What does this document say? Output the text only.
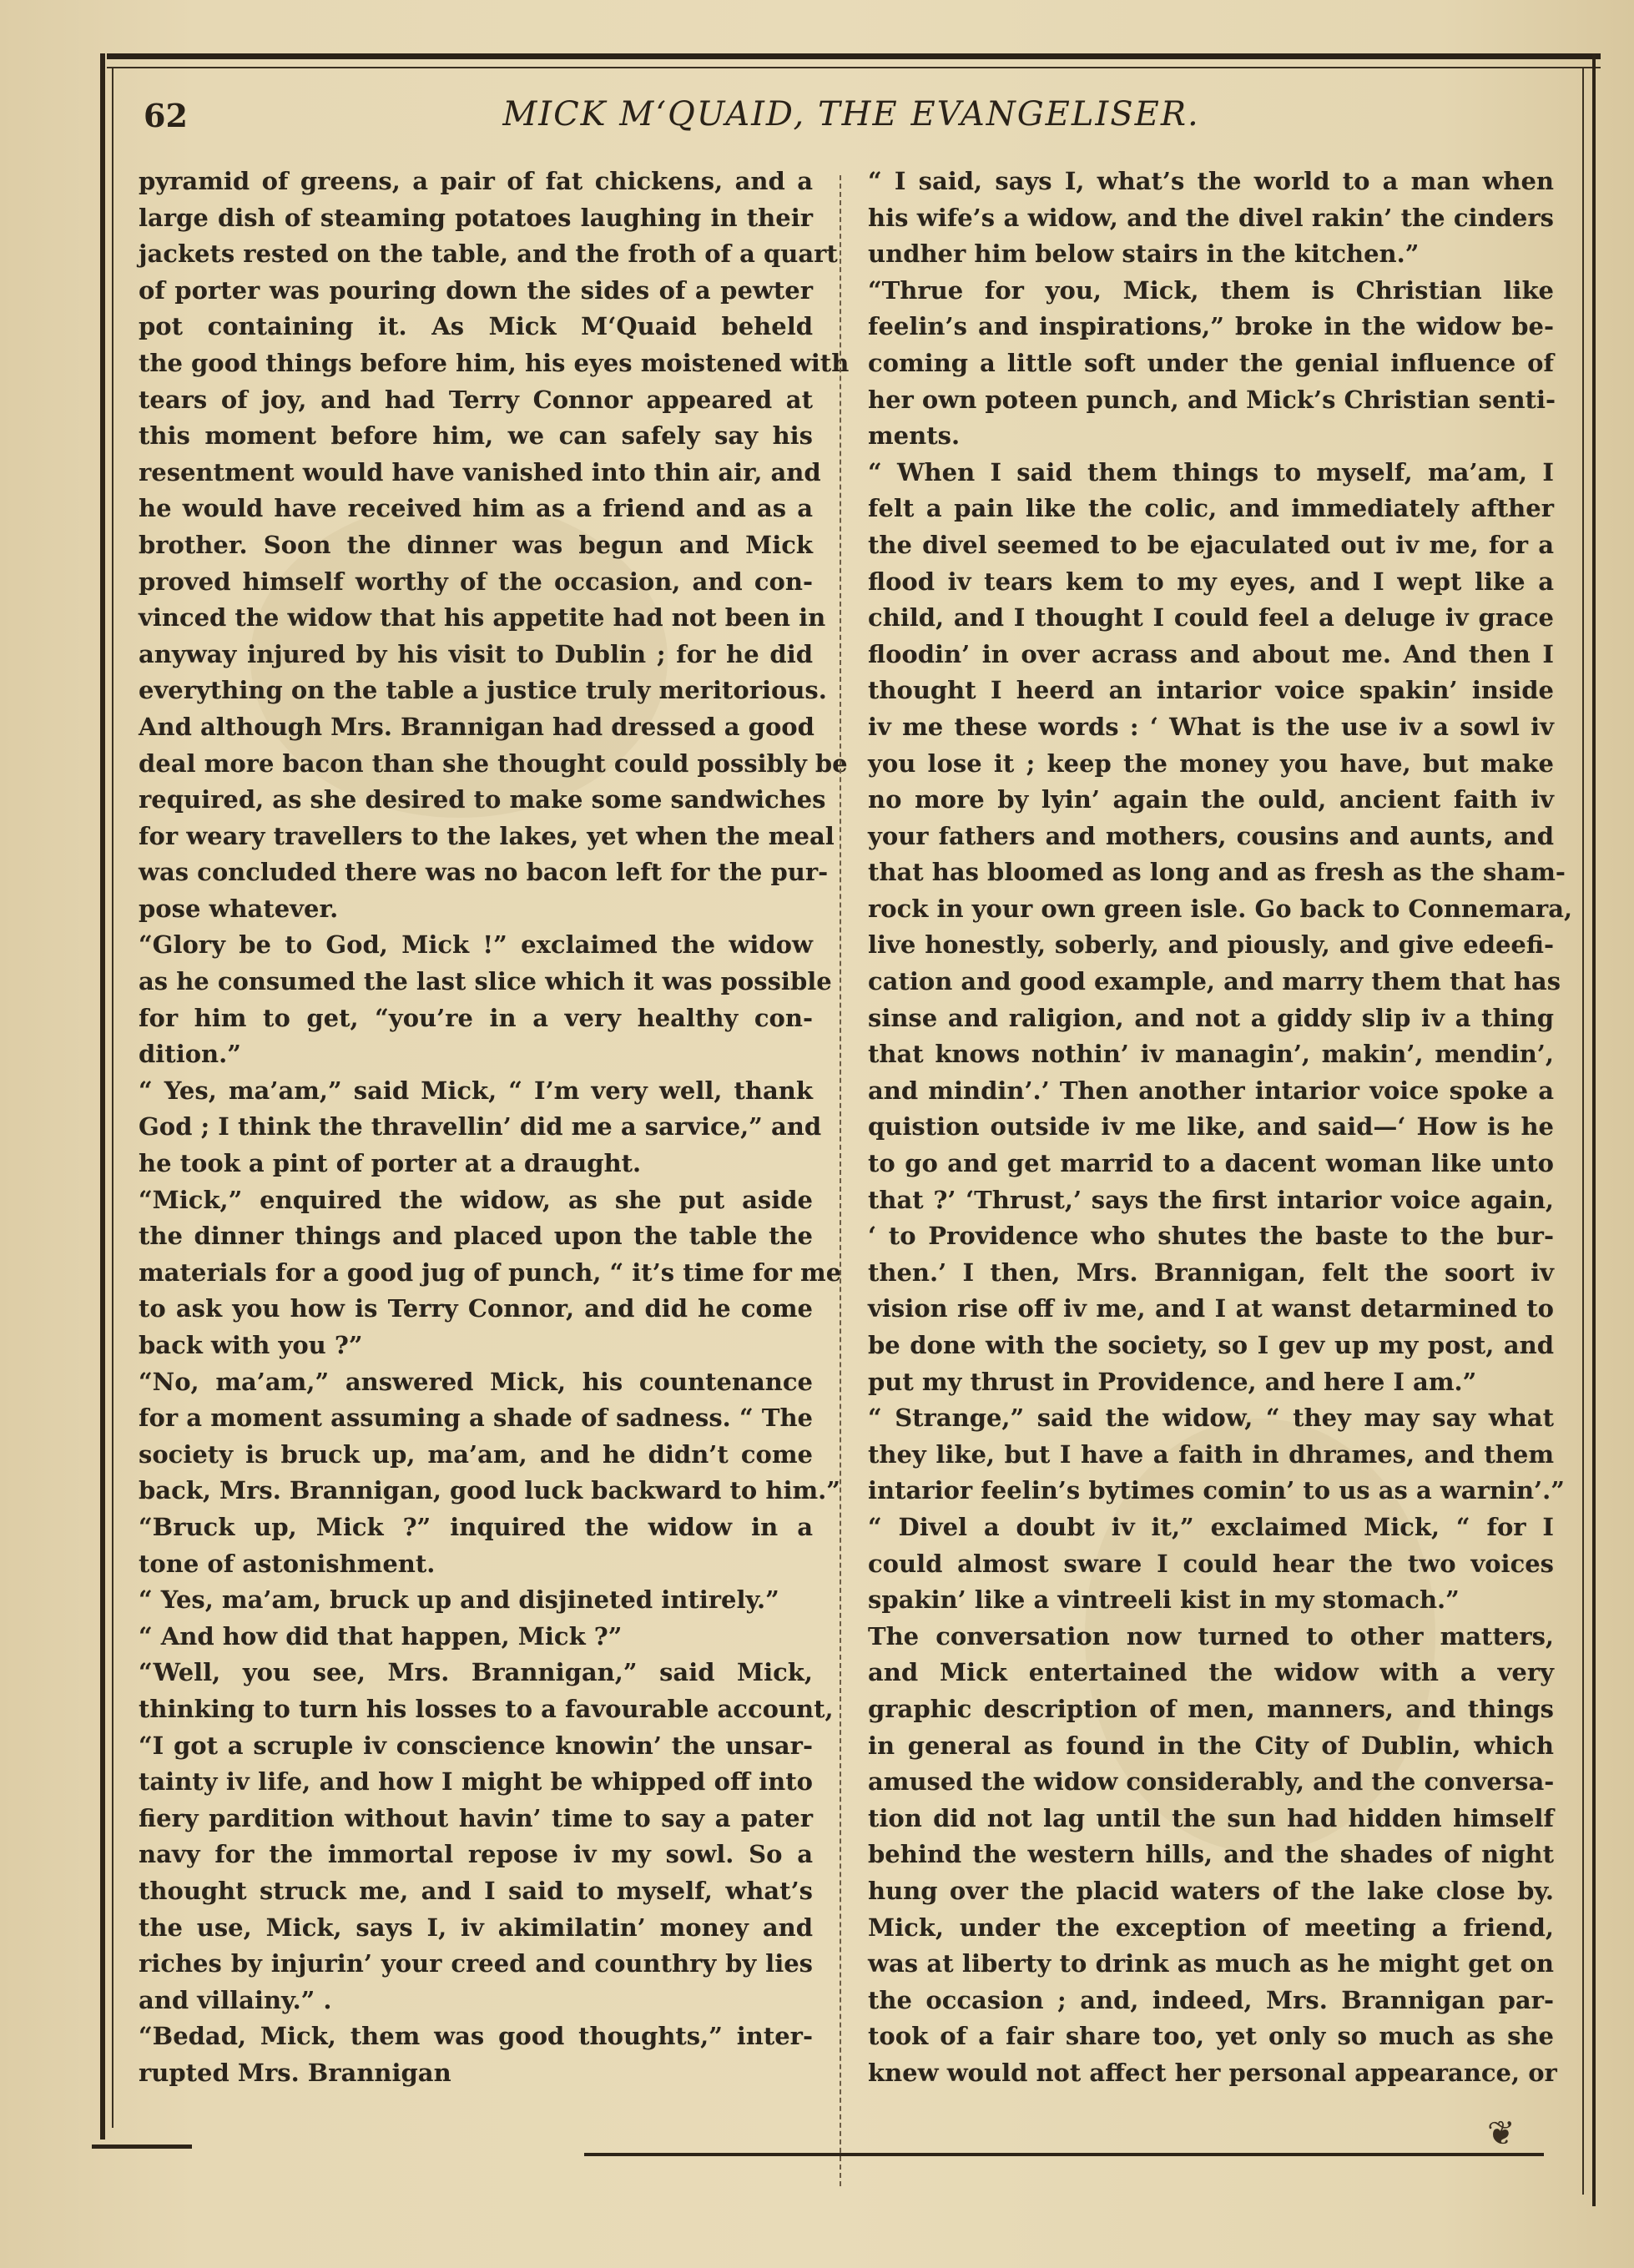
62	MICK M‘QUAID, THE EVANGELISER.
pyramid of greens, a pair of fat chickens, and a
large dish of steaming potatoes laughing in their
jackets rested on the table, and the froth of a quart
of porter was pouring down the sides of a pewter
pot containing it. As Mick M‘Quaid beheld
the good things before him, his eyes moistened with
tears of joy, and had Terry Connor appeared at
this moment before him, we can safely say his
resentment would have vanished into thin air, and
he would have received him as a friend and as a
brother. Soon the dinner was begun and Mick
proved himself worthy of the occasion, and con-
vinced the widow that his appetite had not been in
anyway injured by his visit to Dublin ; for he did
everything on the table a justice truly meritorious.
And although Mrs. Brannigan had dressed a good
deal more bacon than she thought could possibly be
required, as she desired to make some sandwiches
for weary travellers to the lakes, yet when the meal
was concluded there was no bacon left for the pur-
pose whatever.
“Glory be to God, Mick !” exclaimed the widow
as he consumed the last slice which it was possible
for him to get, “you’re in a very healthy con-
dition.”
“ Yes, ma’am,” said Mick, “ I’m very well, thank
God ; I think the thravellin’ did me a sarvice,” and
he took a pint of porter at a draught.
“Mick,” enquired the widow, as she put aside
the dinner things and placed upon the table the
materials for a good jug of punch, “ it’s time for me
to ask you how is Terry Connor, and did he come
back with you ?”
“No, ma’am,” answered Mick, his countenance
for a moment assuming a shade of sadness. “ The
society is bruck up, ma’am, and he didn’t come
back, Mrs. Brannigan, good luck backward to him.”
“Bruck up, Mick ?” inquired the widow in a
tone of astonishment.
“ Yes, ma’am, bruck up and disjineted intirely.”
“ And how did that happen, Mick ?”
“Well, you see, Mrs. Brannigan,” said Mick,
thinking to turn his losses to a favourable account,
“I got a scruple iv conscience knowin’ the unsar-
tainty iv life, and how I might be whipped off into
fiery pardition without havin’ time to say a pater
navy for the immortal repose iv my sowl. So a
thought struck me, and I said to myself, what’s
the use, Mick, says I, iv akimilatin’ money and
riches by injurin’ your creed and counthry by lies
and villainy.” .
“Bedad, Mick, them was good thoughts,” inter-
rupted Mrs. Brannigan
“ I said, says I, what’s the world to a man when
his wife’s a widow, and the divel rakin’ the cinders
undher him below stairs in the kitchen.”
“Thrue for you, Mick, them is Christian like
feelin’s and inspirations,” broke in the widow be-
coming a little soft under the genial influence of
her own poteen punch, and Mick’s Christian senti-
ments.
“ When I said them things to myself, ma’am, I
felt a pain like the colic, and immediately afther
the divel seemed to be ejaculated out iv me, for a
flood iv tears kem to my eyes, and I wept like a
child, and I thought I could feel a deluge iv grace
floodin’ in over acrass and about me. And then I
thought I heerd an intarior voice spakin’ inside
iv me these words : ‘ What is the use iv a sowl iv
you lose it ; keep the money you have, but make
no more by lyin’ again the ould, ancient faith iv
your fathers and mothers, cousins and aunts, and
that has bloomed as long and as fresh as the sham-
rock in your own green isle. Go back to Connemara,
live honestly, soberly, and piously, and give edeefi-
cation and good example, and marry them that has
sinse and raligion, and not a giddy slip iv a thing
that knows nothin’ iv managin’, makin’, mendin’,
and mindin’.’ Then another intarior voice spoke a
quistion outside iv me like, and said—‘ How is he
to go and get marrid to a dacent woman like unto
that ?’ ‘Thrust,’ says the first intarior voice again,
‘ to Providence who shutes the baste to the bur-
then.’ I then, Mrs. Brannigan, felt the soort iv
vision rise off iv me, and I at wanst detarmined to
be done with the society, so I gev up my post, and
put my thrust in Providence, and here I am.”
“ Strange,” said the widow, “ they may say what
they like, but I have a faith in dhrames, and them
intarior feelin’s bytimes comin’ to us as a warnin’.”
“ Divel a doubt iv it,” exclaimed Mick, “ for I
could almost sware I could hear the two voices
spakin’ like a vintreeli kist in my stomach.”
The conversation now turned to other matters,
and Mick entertained the widow with a very
graphic description of men, manners, and things
in general as found in the City of Dublin, which
amused the widow considerably, and the conversa-
tion did not lag until the sun had hidden himself
behind the western hills, and the shades of night
hung over the placid waters of the lake close by.
Mick, under the exception of meeting a friend,
was at liberty to drink as much as he might get on
the occasion ; and, indeed, Mrs. Brannigan par-
took of a fair share too, yet only so much as she
knew would not affect her personal appearance, or
❦
